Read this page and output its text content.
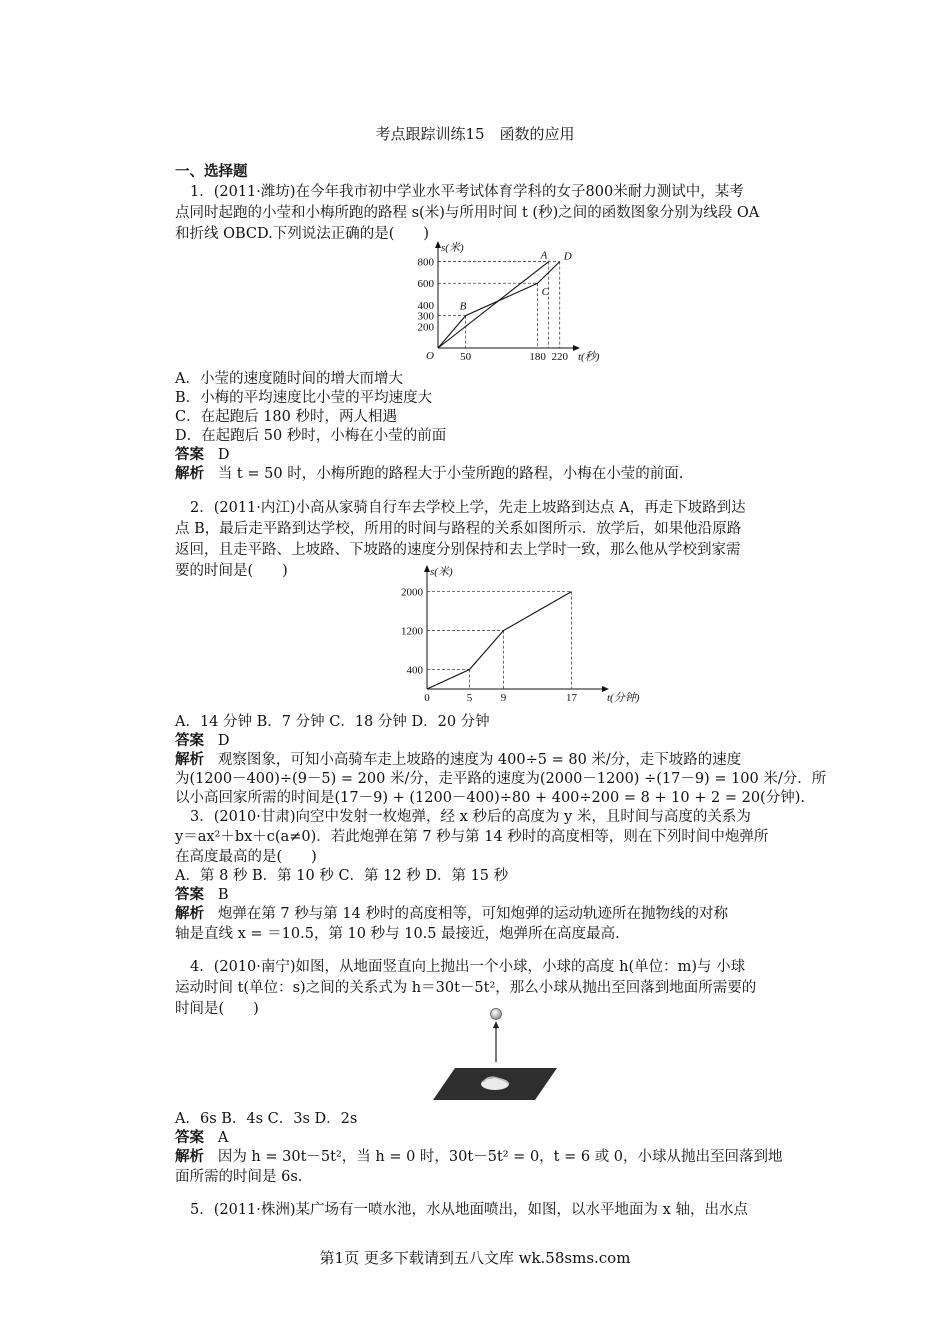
考点跟踪训练15　函数的应用
一、选择题
1．(2011·潍坊)在今年我市初中学业水平考试体育学科的女子800米耐力测试中，某考
点同时起跑的小莹和小梅所跑的路程 s(米)与所用时间 t (秒)之间的函数图象分别为线段 OA
和折线 OBCD.下列说法正确的是(　　)
s(米)
t(秒)
O
200
300
400
600
800
50	180 220
A
B
C
D
A．小莹的速度随时间的增大而增大
B．小梅的平均速度比小莹的平均速度大
C．在起跑后 180 秒时，两人相遇
D．在起跑后 50 秒时，小梅在小莹的前面
答案 D
解析 当 t = 50 时，小梅所跑的路程大于小莹所跑的路程，小梅在小莹的前面.
2．(2011·内江)小高从家骑自行车去学校上学，先走上坡路到达点 A，再走下坡路到达
点 B，最后走平路到达学校，所用的时间与路程的关系如图所示．放学后，如果他沿原路
返回，且走平路、上坡路、下坡路的速度分别保持和去上学时一致，那么他从学校到家需
要的时间是(　　)	s(米)
t(分钟)
400
1200
2000
0	5	9	17
A．14 分钟 B．7 分钟 C．18 分钟 D．20 分钟
答案 D
解析 观察图象，可知小高骑车走上坡路的速度为 400÷5 = 80 米/分，走下坡路的速度
为(1200－400)÷(9－5) = 200 米/分，走平路的速度为(2000－1200) ÷(17－9) = 100 米/分．所
以小高回家所需的时间是(17－9) + (1200－400)÷80 + 400÷200 = 8 + 10 + 2 = 20(分钟).
3．(2010·甘肃)向空中发射一枚炮弹，经 x 秒后的高度为 y 米，且时间与高度的关系为
y＝ax²＋bx＋c(a≠0)．若此炮弹在第 7 秒与第 14 秒时的高度相等，则在下列时间中炮弹所
在高度最高的是(　　)
A．第 8 秒 B．第 10 秒 C．第 12 秒 D．第 15 秒
答案 B
解析 炮弹在第 7 秒与第 14 秒时的高度相等，可知炮弹的运动轨迹所在抛物线的对称
轴是直线 x = ＝10.5，第 10 秒与 10.5 最接近，炮弹所在高度最高.
4．(2010·南宁)如图，从地面竖直向上抛出一个小球，小球的高度 h(单位：m)与 小球
运动时间 t(单位：s)之间的关系式为 h＝30t－5t²，那么小球从抛出至回落到地面所需要的
时间是(　　)
A．6s B．4s C．3s D．2s
答案 A
解析 因为 h = 30t－5t²，当 h = 0 时，30t－5t² = 0，t = 6 或 0，小球从抛出至回落到地
面所需的时间是 6s.
5．(2011·株洲)某广场有一喷水池，水从地面喷出，如图，以水平地面为 x 轴，出水点
第1页 更多下载请到五八文库 wk.58sms.com
